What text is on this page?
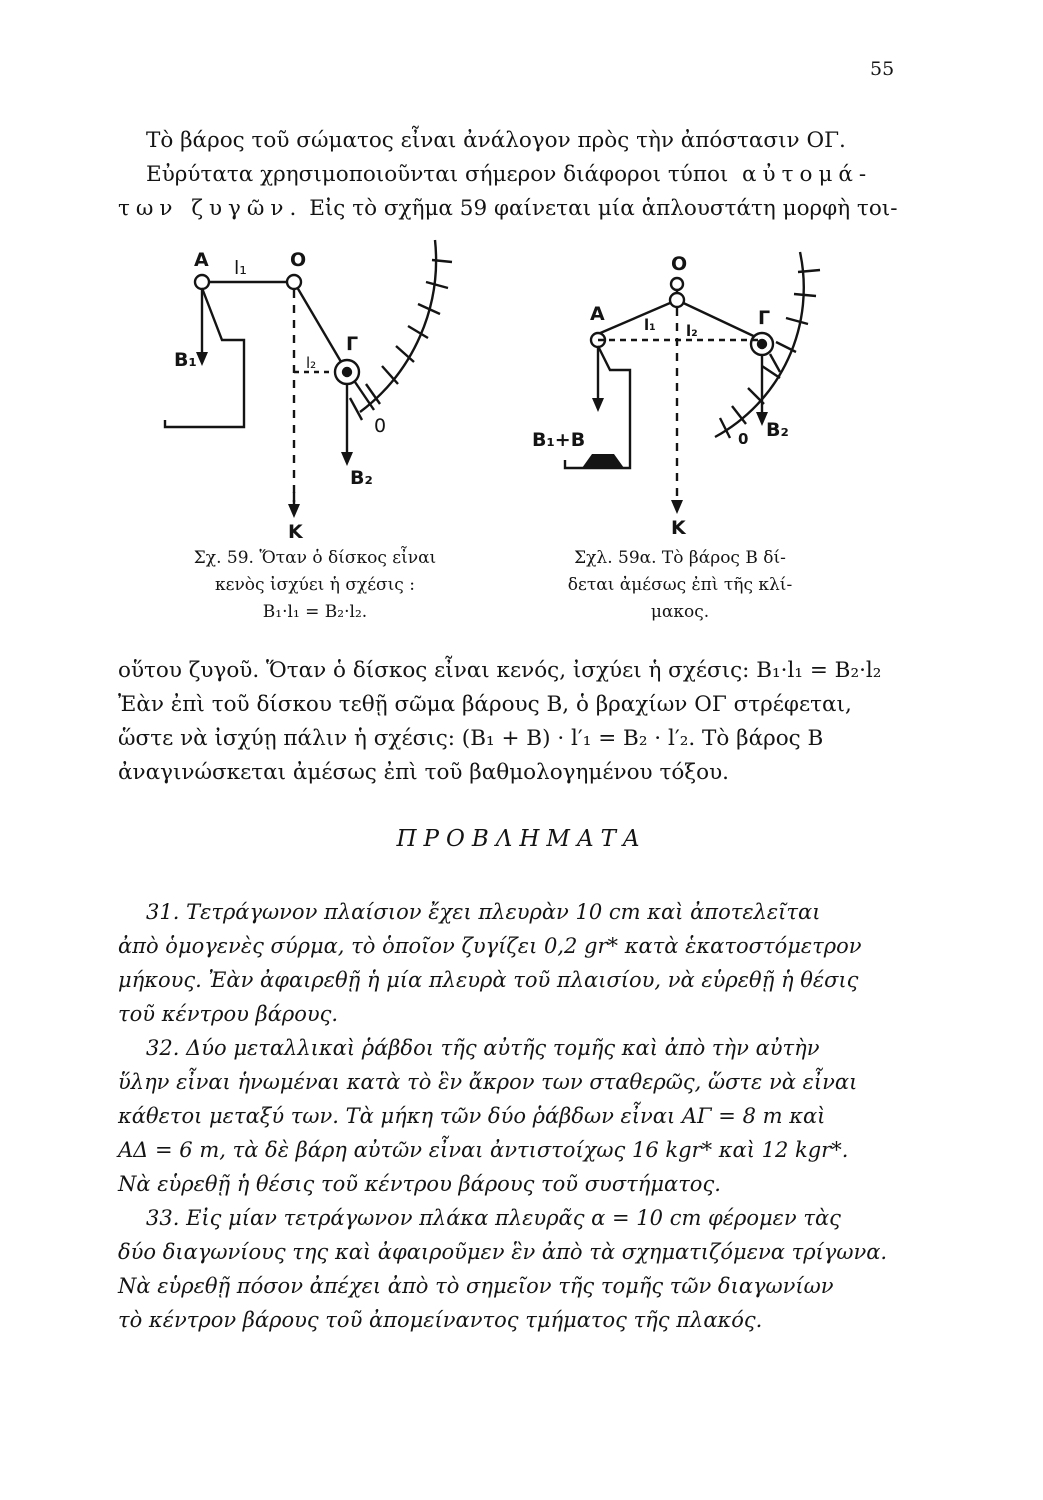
55
Τὸ βάρος τοῦ σώματος εἶναι ἀνάλογον πρὸς τὴν ἀπόστασιν ΟΓ.
Εὐρύτατα χρησιμοποιοῦνται σήμερον διάφοροι τύποι αὐτομά-
των ζυγῶν. Εἰς τὸ σχῆμα 59 φαίνεται μία ἁπλουστάτη μορφὴ τοι-
A l₁ O
Γ
l₂
B₁
B₂
0
K
Σχ. 59. Ὅταν ὁ δίσκος εἶναι
κενὸς ἰσχύει ἡ σχέσις :
B₁·l₁ = B₂·l₂.
O
A	Γ
l₁ l₂
B₁+B	0 B₂
K
Σχλ. 59α. Τὸ βάρος Β δί-
δεται ἀμέσως ἐπὶ τῆς κλί-
μακος.
οὕτου ζυγοῦ. Ὅταν ὁ δίσκος εἶναι κενός, ἰσχύει ἡ σχέσις: B₁·l₁ = B₂·l₂
Ἐὰν ἐπὶ τοῦ δίσκου τεθῇ σῶμα βάρους Β, ὁ βραχίων ΟΓ στρέφεται,
ὥστε νὰ ἰσχύῃ πάλιν ἡ σχέσις: (B₁ + B) · l′₁ = B₂ · l′₂. Τὸ βάρος Β
ἀναγινώσκεται ἀμέσως ἐπὶ τοῦ βαθμολογημένου τόξου.
ΠΡΟΒΛΗΜΑΤΑ
31. Τετράγωνον πλαίσιον ἔχει πλευρὰν 10 cm καὶ ἀποτελεῖται
ἀπὸ ὁμογενὲς σύρμα, τὸ ὁποῖον ζυγίζει 0,2 gr* κατὰ ἑκατοστόμετρον
μήκους. Ἐὰν ἀφαιρεθῇ ἡ μία πλευρὰ τοῦ πλαισίου, νὰ εὑρεθῇ ἡ θέσις
τοῦ κέντρου βάρους.
32. Δύο μεταλλικαὶ ῥάβδοι τῆς αὐτῆς τομῆς καὶ ἀπὸ τὴν αὐτὴν
ὕλην εἶναι ἡνωμέναι κατὰ τὸ ἓν ἄκρον των σταθερῶς, ὥστε νὰ εἶναι
κάθετοι μεταξύ των. Τὰ μήκη τῶν δύο ῥάβδων εἶναι ΑΓ = 8 m καὶ
ΑΔ = 6 m, τὰ δὲ βάρη αὐτῶν εἶναι ἀντιστοίχως 16 kgr* καὶ 12 kgr*.
Νὰ εὑρεθῇ ἡ θέσις τοῦ κέντρου βάρους τοῦ συστήματος.
33. Εἰς μίαν τετράγωνον πλάκα πλευρᾶς α = 10 cm φέρομεν τὰς
δύο διαγωνίους της καὶ ἀφαιροῦμεν ἓν ἀπὸ τὰ σχηματιζόμενα τρίγωνα.
Νὰ εὑρεθῇ πόσον ἀπέχει ἀπὸ τὸ σημεῖον τῆς τομῆς τῶν διαγωνίων
τὸ κέντρον βάρους τοῦ ἀπομείναντος τμήματος τῆς πλακός.
